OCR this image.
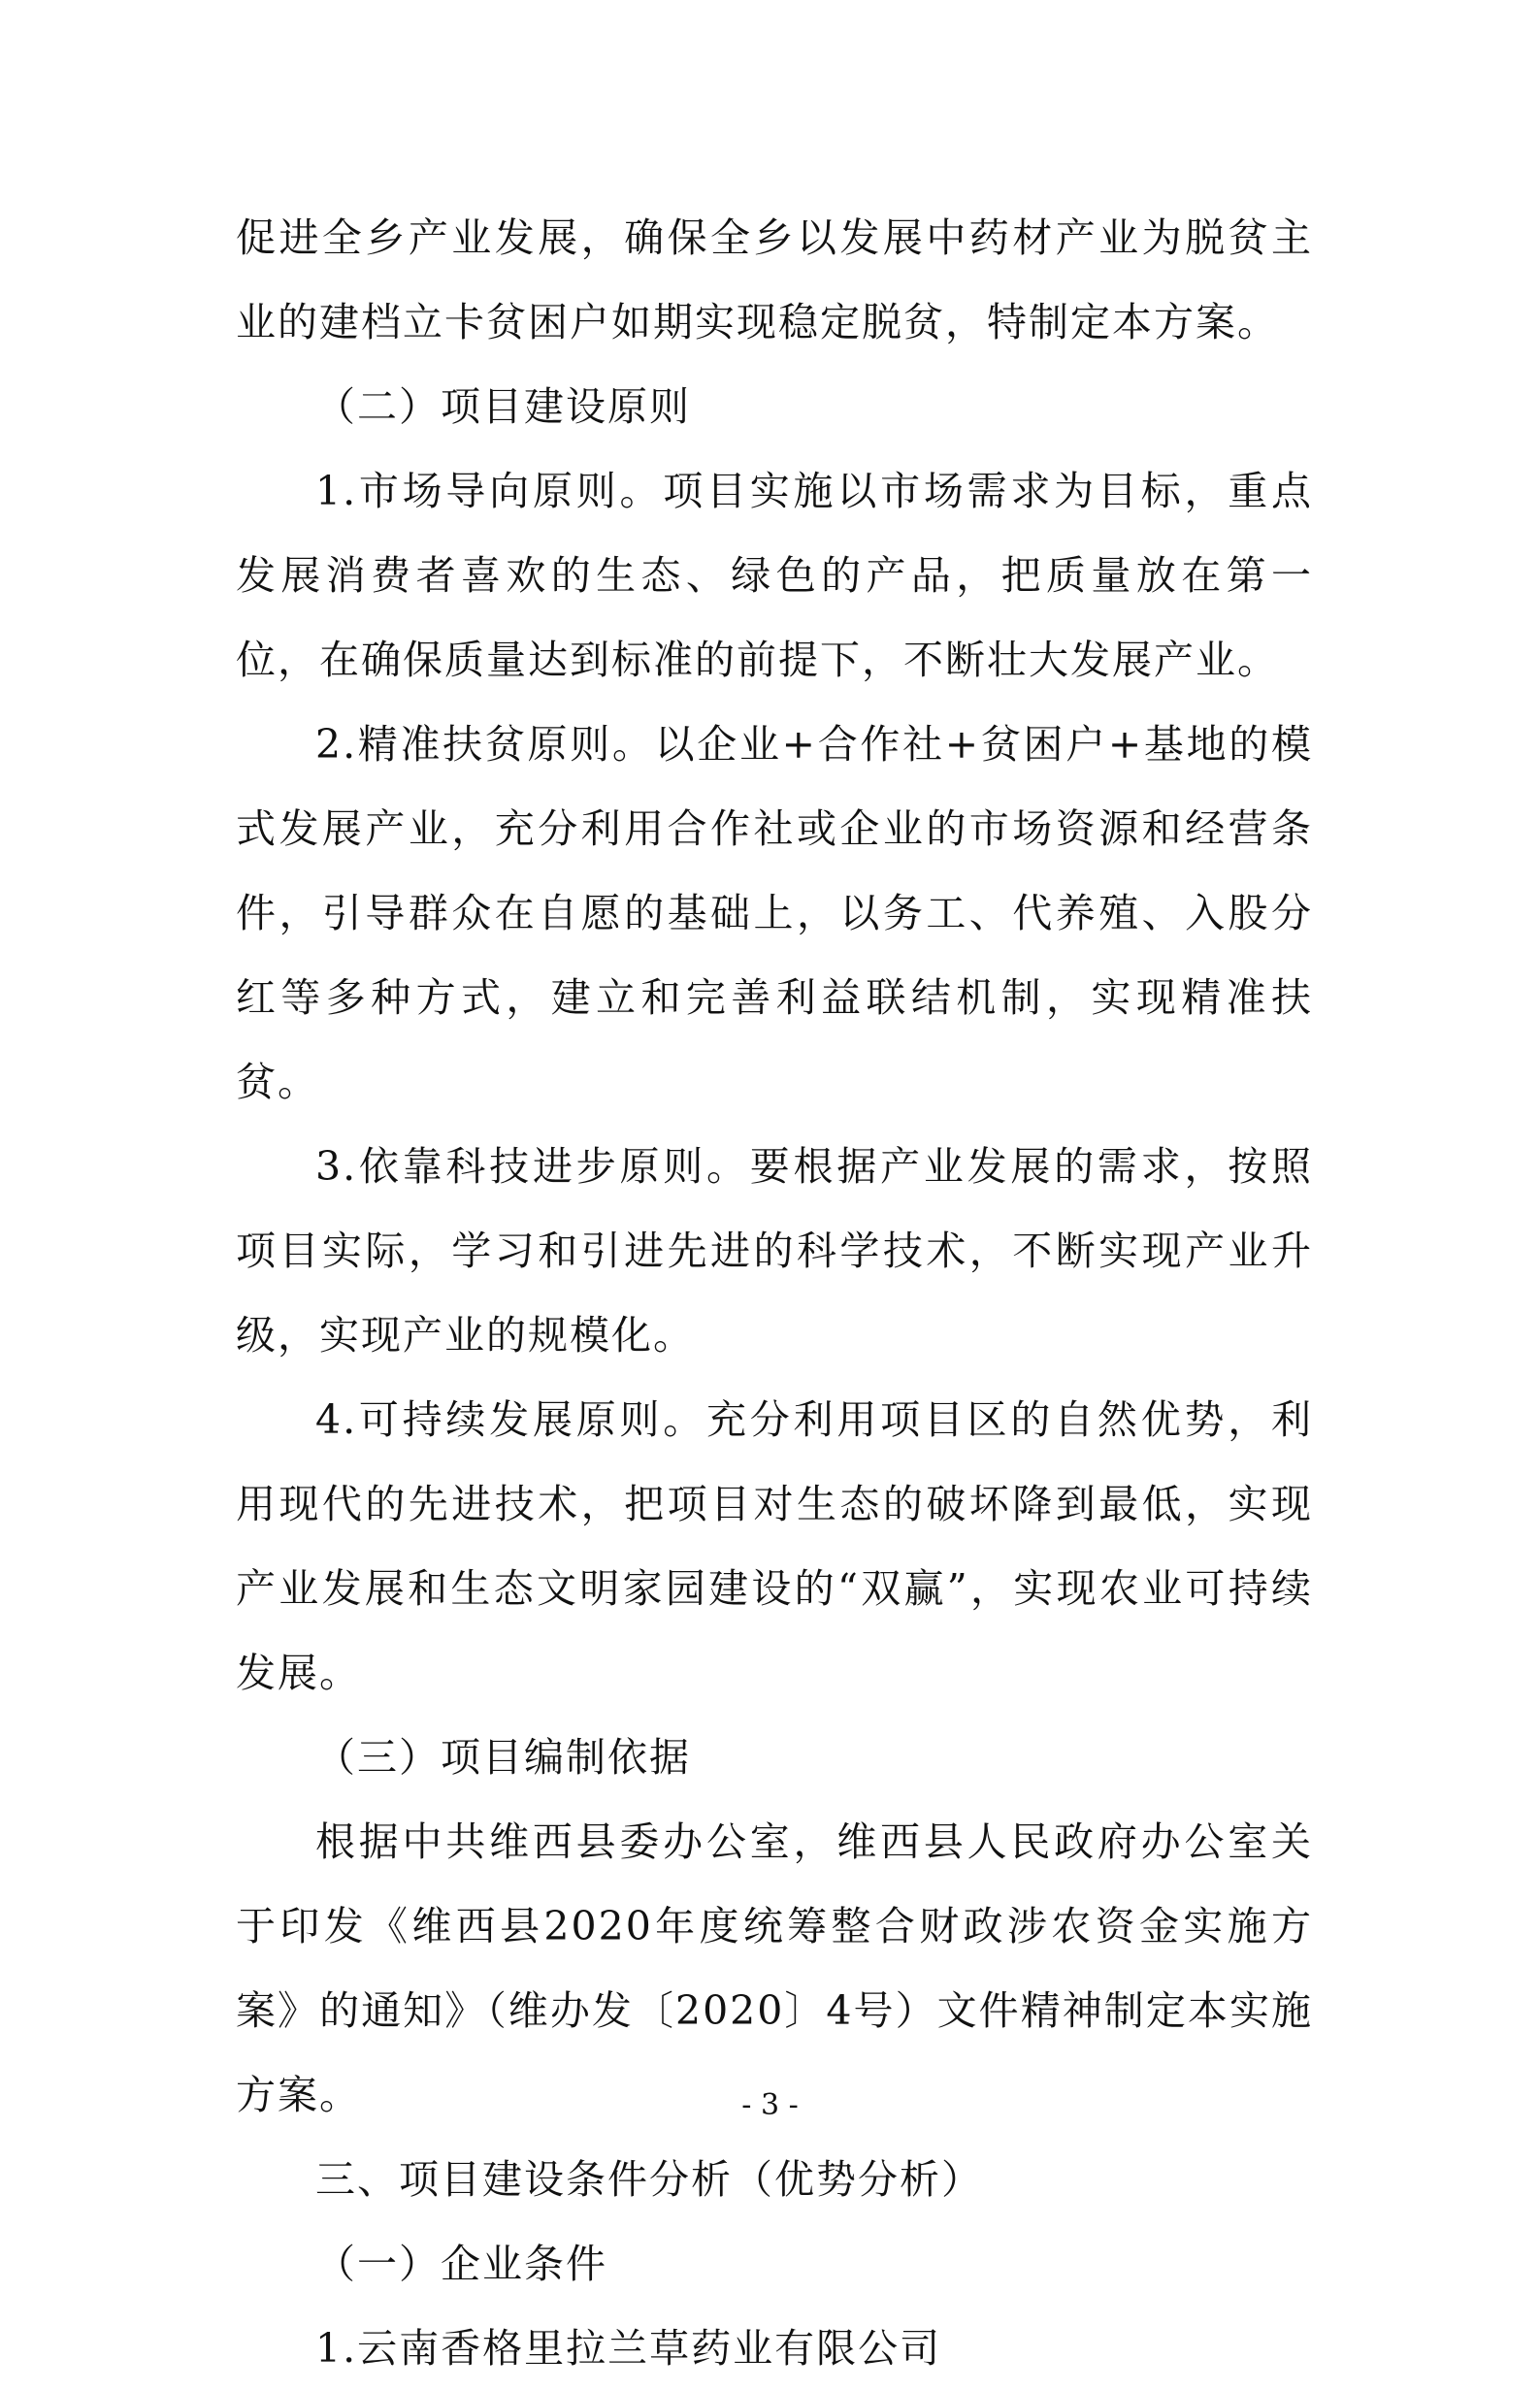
促进全乡产业发展，确保全乡以发展中药材产业为脱贫主业的建档立卡贫困户如期实现稳定脱贫，特制定本方案。

（二）项目建设原则

1.市场导向原则。项目实施以市场需求为目标，重点发展消费者喜欢的生态、绿色的产品，把质量放在第一位，在确保质量达到标准的前提下，不断壮大发展产业。

2.精准扶贫原则。以企业+合作社+贫困户+基地的模式发展产业，充分利用合作社或企业的市场资源和经营条件，引导群众在自愿的基础上，以务工、代养殖、入股分红等多种方式，建立和完善利益联结机制，实现精准扶贫。

3.依靠科技进步原则。要根据产业发展的需求，按照项目实际，学习和引进先进的科学技术，不断实现产业升级，实现产业的规模化。

4.可持续发展原则。充分利用项目区的自然优势，利用现代的先进技术，把项目对生态的破坏降到最低，实现产业发展和生态文明家园建设的“双赢”，实现农业可持续发展。

（三）项目编制依据

根据中共维西县委办公室，维西县人民政府办公室关于印发《维西县2020年度统筹整合财政涉农资金实施方案》的通知》（维办发〔2020〕4号）文件精神制定本实施方案。

三、项目建设条件分析（优势分析）

（一）企业条件

1.云南香格里拉兰草药业有限公司

- 3 -
